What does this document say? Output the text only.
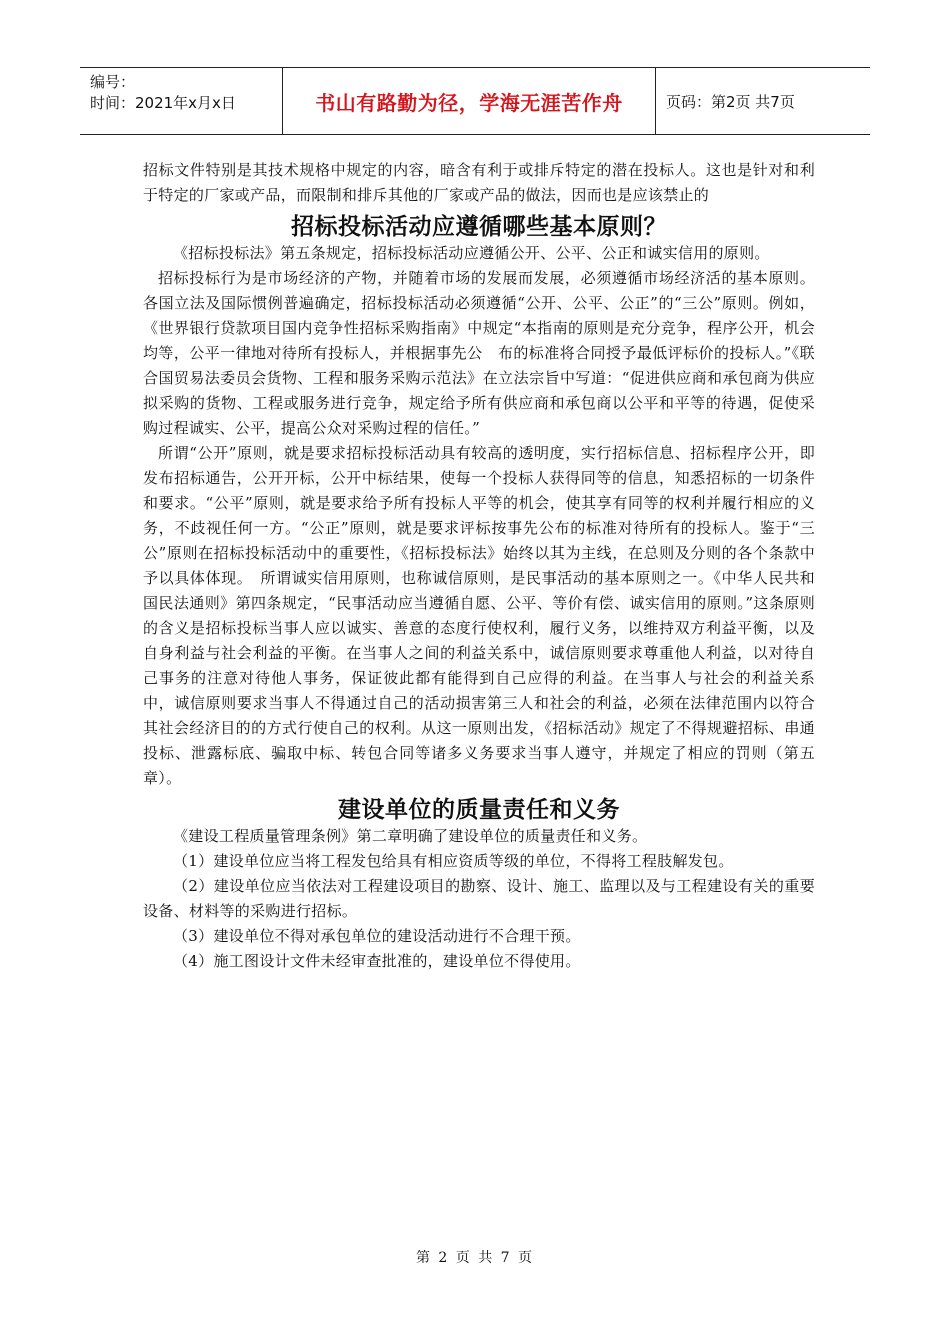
编号：
时间：2021年x月x日	书山有路勤为径，学海无涯苦作舟	页码：第2页 共7页

招标文件特别是其技术规格中规定的内容，暗含有利于或排斥特定的潜在投标人。这也是针对和利于特定的厂家或产品，而限制和排斥其他的厂家或产品的做法，因而也是应该禁止的

招标投标活动应遵循哪些基本原则？

《招标投标法》第五条规定，招标投标活动应遵循公开、公平、公正和诚实信用的原则。

招标投标行为是市场经济的产物，并随着市场的发展而发展，必须遵循市场经济活的基本原则。各国立法及国际惯例普遍确定，招标投标活动必须遵循“公开、公平、公正”的“三公”原则。例如，《世界银行贷款项目国内竞争性招标采购指南》中规定“本指南的原则是充分竞争，程序公开，机会均等，公平一律地对待所有投标人，并根据事先公　布的标准将合同授予最低评标价的投标人。”《联合国贸易法委员会货物、工程和服务采购示范法》在立法宗旨中写道：“促进供应商和承包商为供应拟采购的货物、工程或服务进行竞争，规定给予所有供应商和承包商以公平和平等的待遇，促使采购过程诚实、公平，提高公众对采购过程的信任。”

所谓“公开”原则，就是要求招标投标活动具有较高的透明度，实行招标信息、招标程序公开，即发布招标通告，公开开标，公开中标结果，使每一个投标人获得同等的信息，知悉招标的一切条件和要求。“公平”原则，就是要求给予所有投标人平等的机会，使其享有同等的权利并履行相应的义务，不歧视任何一方。“公正”原则，就是要求评标按事先公布的标准对待所有的投标人。鉴于“三公”原则在招标投标活动中的重要性，《招标投标法》始终以其为主线，在总则及分则的各个条款中予以具体体现。　所谓诚实信用原则，也称诚信原则，是民事活动的基本原则之一。《中华人民共和国民法通则》第四条规定，“民事活动应当遵循自愿、公平、等价有偿、诚实信用的原则。”这条原则的含义是招标投标当事人应以诚实、善意的态度行使权利，履行义务，以维持双方利益平衡，以及自身利益与社会利益的平衡。在当事人之间的利益关系中，诚信原则要求尊重他人利益，以对待自己事务的注意对待他人事务，保证彼此都有能得到自己应得的利益。在当事人与社会的利益关系中，诚信原则要求当事人不得通过自己的活动损害第三人和社会的利益，必须在法律范围内以符合其社会经济目的的方式行使自己的权利。从这一原则出发，《招标活动》规定了不得规避招标、串通投标、泄露标底、骗取中标、转包合同等诸多义务要求当事人遵守，并规定了相应的罚则（第五章）。

建设单位的质量责任和义务

《建设工程质量管理条例》第二章明确了建设单位的质量责任和义务。

（1）建设单位应当将工程发包给具有相应资质等级的单位，不得将工程肢解发包。

（2）建设单位应当依法对工程建设项目的勘察、设计、施工、监理以及与工程建设有关的重要设备、材料等的采购进行招标。

（3）建设单位不得对承包单位的建设活动进行不合理干预。

（4）施工图设计文件未经审查批准的，建设单位不得使用。

第 2 页 共 7 页
